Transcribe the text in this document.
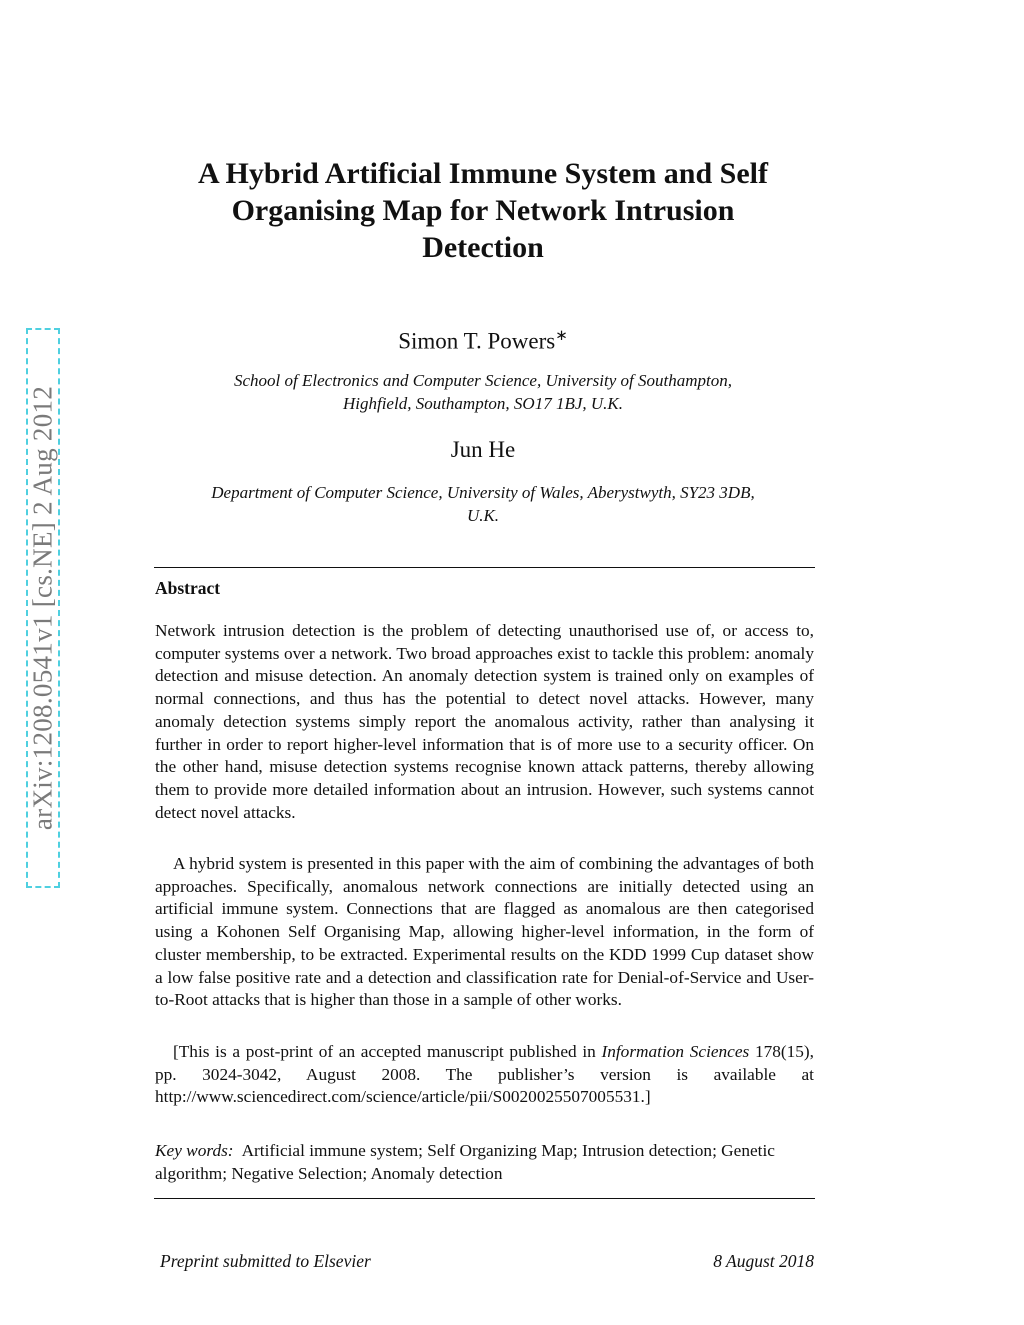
arXiv:1208.0541v1 [cs.NE] 2 Aug 2012
A Hybrid Artificial Immune System and Self
Organising Map for Network Intrusion
Detection
Simon T. Powers∗
School of Electronics and Computer Science, University of Southampton,
Highfield, Southampton, SO17 1BJ, U.K.
Jun He
Department of Computer Science, University of Wales, Aberystwyth, SY23 3DB,
U.K.
Abstract
Network intrusion detection is the problem of detecting unauthorised use of, or access to, computer systems over a network. Two broad approaches exist to tackle this problem: anomaly detection and misuse detection. An anomaly detection system is trained only on examples of normal connections, and thus has the potential to detect novel attacks. However, many anomaly detection systems simply report the anomalous activity, rather than analysing it further in order to report higher-level information that is of more use to a security officer. On the other hand, misuse detection systems recognise known attack patterns, thereby allowing them to provide more detailed information about an intrusion. However, such systems cannot detect novel attacks.
A hybrid system is presented in this paper with the aim of combining the advantages of both approaches. Specifically, anomalous network connections are initially detected using an artificial immune system. Connections that are flagged as anomalous are then categorised using a Kohonen Self Organising Map, allowing higher-level information, in the form of cluster membership, to be extracted. Experimental results on the KDD 1999 Cup dataset show a low false positive rate and a detection and classification rate for Denial-of-Service and User-to-Root attacks that is higher than those in a sample of other works.
[This is a post-print of an accepted manuscript published in Information Sciences 178(15), pp. 3024-3042, August 2008. The publisher’s version is available at http://www.sciencedirect.com/science/article/pii/S0020025507005531.]
Key words: Artificial immune system; Self Organizing Map; Intrusion detection; Genetic algorithm; Negative Selection; Anomaly detection
Preprint submitted to Elsevier	8 August 2018
